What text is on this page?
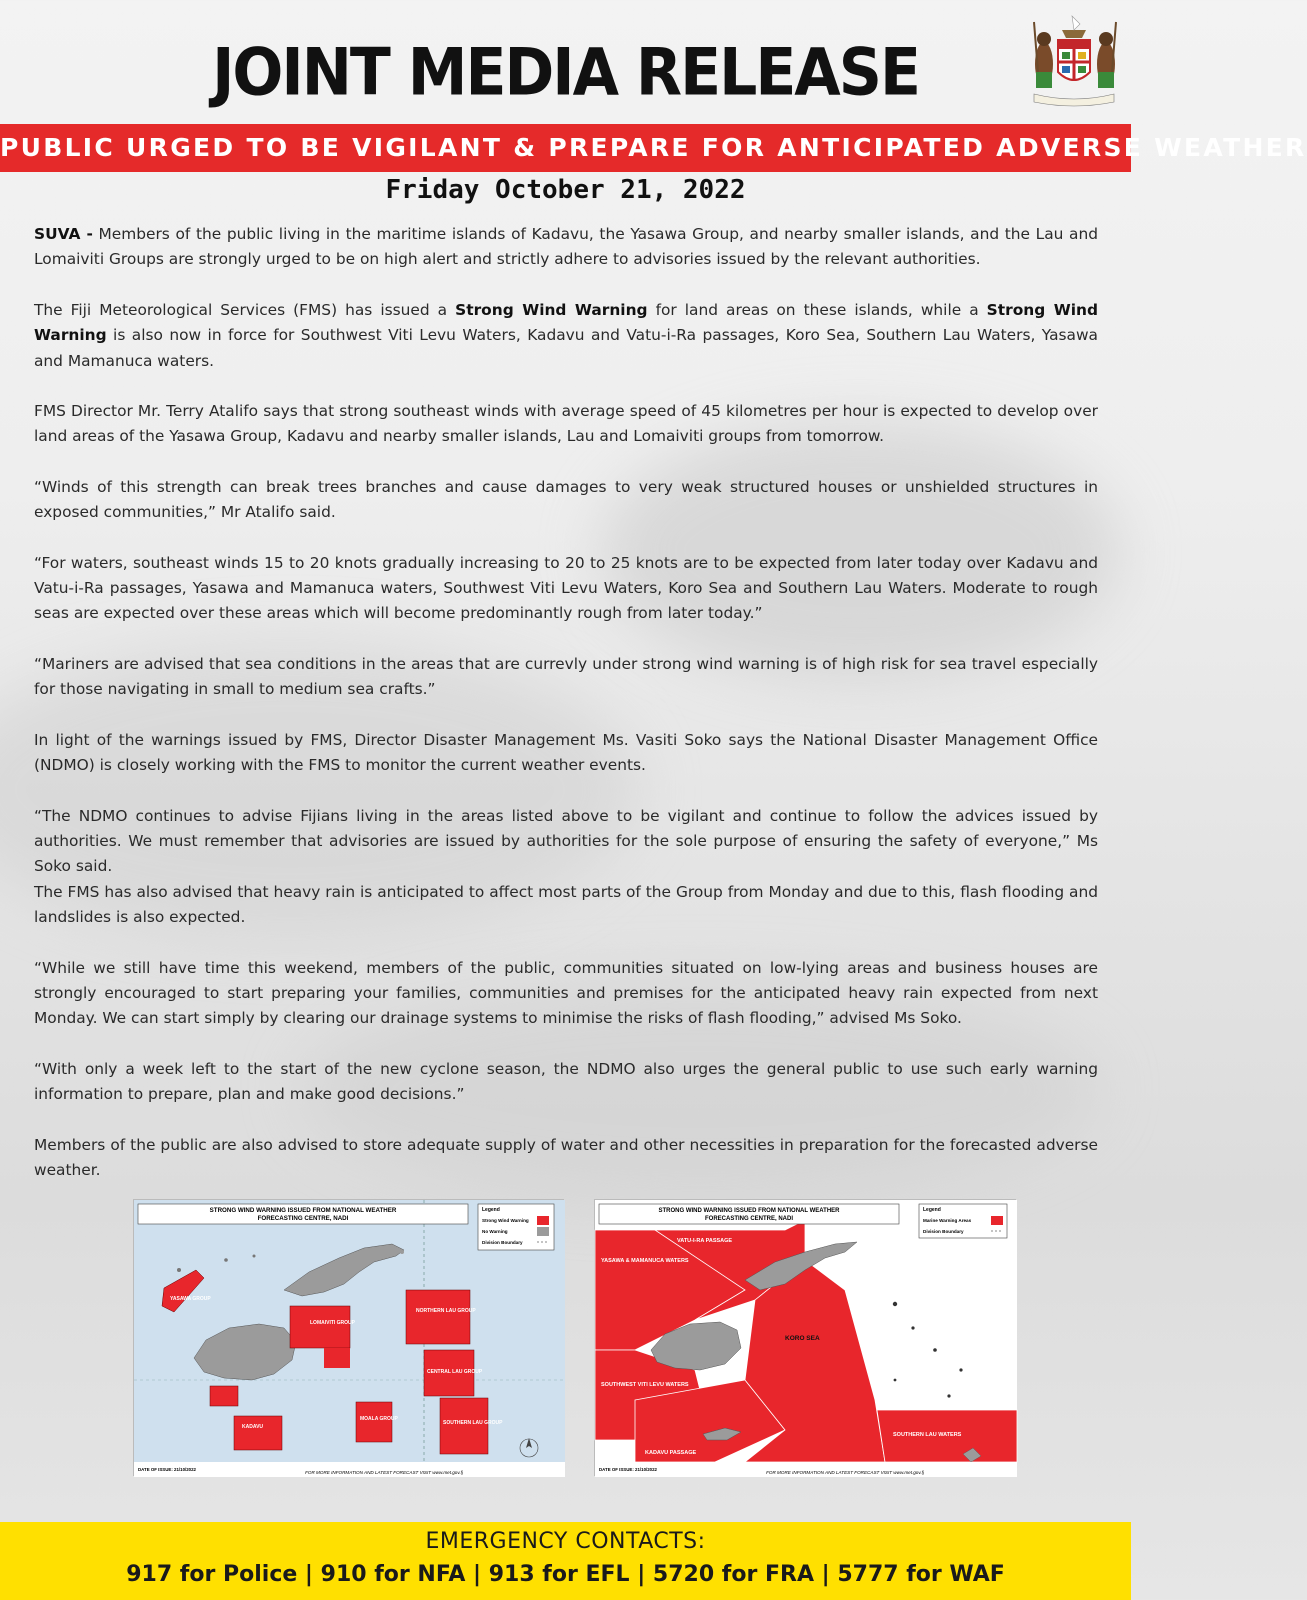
JOINT MEDIA RELEASE
PUBLIC URGED TO BE VIGILANT & PREPARE FOR ANTICIPATED ADVERSE WEATHER
Friday October 21, 2022

SUVA - Members of the public living in the maritime islands of Kadavu, the Yasawa Group, and nearby smaller islands, and the Lau and Lomaiviti Groups are strongly urged to be on high alert and strictly adhere to advisories issued by the relevant authorities.

The Fiji Meteorological Services (FMS) has issued a Strong Wind Warning for land areas on these islands, while a Strong Wind Warning is also now in force for Southwest Viti Levu Waters, Kadavu and Vatu-i-Ra passages, Koro Sea, Southern Lau Waters, Yasawa and Mamanuca waters.

FMS Director Mr. Terry Atalifo says that strong southeast winds with average speed of 45 kilometres per hour is expected to develop over land areas of the Yasawa Group, Kadavu and nearby smaller islands, Lau and Lomaiviti groups from tomorrow.

“Winds of this strength can break trees branches and cause damages to very weak structured houses or unshielded structures in exposed communities,” Mr Atalifo said.

“For waters, southeast winds 15 to 20 knots gradually increasing to 20 to 25 knots are to be expected from later today over Kadavu and Vatu-i-Ra passages, Yasawa and Mamanuca waters, Southwest Viti Levu Waters, Koro Sea and Southern Lau Waters. Moderate to rough seas are expected over these areas which will become predominantly rough from later today.”

“Mariners are advised that sea conditions in the areas that are currevly under strong wind warning is of high risk for sea travel especially for those navigating in small to medium sea crafts.”

In light of the warnings issued by FMS, Director Disaster Management Ms. Vasiti Soko says the National Disaster Management Office (NDMO) is closely working with the FMS to monitor the current weather events.

“The NDMO continues to advise Fijians living in the areas listed above to be vigilant and continue to follow the advices issued by authorities. We must remember that advisories are issued by authorities for the sole purpose of ensuring the safety of everyone,” Ms Soko said.

The FMS has also advised that heavy rain is anticipated to affect most parts of the Group from Monday and due to this, flash flooding and landslides is also expected.

“While we still have time this weekend, members of the public, communities situated on low-lying areas and business houses are strongly encouraged to start preparing your families, communities and premises for the anticipated heavy rain expected from next Monday. We can start simply by clearing our drainage systems to minimise the risks of flash flooding,” advised Ms Soko.

“With only a week left to the start of the new cyclone season, the NDMO also urges the general public to use such early warning information to prepare, plan and make good decisions.”

Members of the public are also advised to store adequate supply of water and other necessities in preparation for the forecasted adverse weather.

STRONG WIND WARNING ISSUED FROM NATIONAL WEATHER
FORECASTING CENTRE, NADI
Legend
Strong Wind Warning
No Warning
Division Boundary
YASAWA GROUP
LOMAIVITI GROUP
NORTHERN LAU GROUP
CENTRAL LAU GROUP
SOUTHERN LAU GROUP
KADAVU
MOALA GROUP
DATE OF ISSUE: 21/10/2022
FOR MORE INFORMATION AND LATEST FORECAST VISIT www.met.gov.fj
VATU-I-RA PASSAGE
YASAWA & MAMANUCA WATERS
KORO SEA
SOUTHWEST VITI LEVU WATERS
KADAVU PASSAGE
SOUTHERN LAU WATERS
STRONG WIND WARNING ISSUED FROM NATIONAL WEATHER
FORECASTING CENTRE, NADI
Legend
Marine Warning Areas
Division Boundary
DATE OF ISSUE: 21/10/2022
FOR MORE INFORMATION AND LATEST FORECAST VISIT www.met.gov.fj
EMERGENCY CONTACTS:
917 for Police | 910 for NFA | 913 for EFL | 5720 for FRA | 5777 for WAF
